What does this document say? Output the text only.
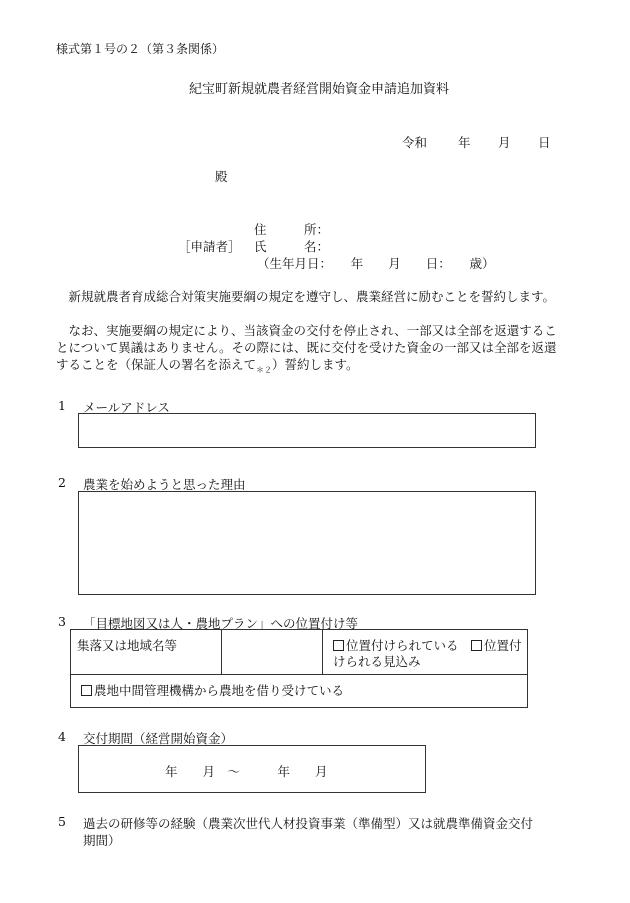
様式第１号の２（第３条関係）
紀宝町新規就農者経営開始資金申請追加資料
令和 年 月 日
殿
住　　　所：
［申請者］ 氏　　　名：
（生年月日：　　年　　月　　日：　　歳）
　新規就農者育成総合対策実施要綱の規定を遵守し、農業経営に励むことを誓約します。
　なお、実施要綱の規定により、当該資金の交付を停止され、一部又は全部を返還することについて異議はありません。その際には、既に交付を受けた資金の一部又は全部を返還することを（保証人の署名を添えて$_{*2}$）誓約します。
1 メールアドレス
2 農業を始めようと思った理由
3 「目標地図又は人・農地プラン」への位置付け等
集落又は地域名等		位置付けられている　 位置付けられる見込み
農地中間管理機構から農地を借り受けている
4 交付期間（経営開始資金）
年　　月　～　　　年　　月
5 過去の研修等の経験（農業次世代人材投資事業（準備型）又は就農準備資金交付
期間）
